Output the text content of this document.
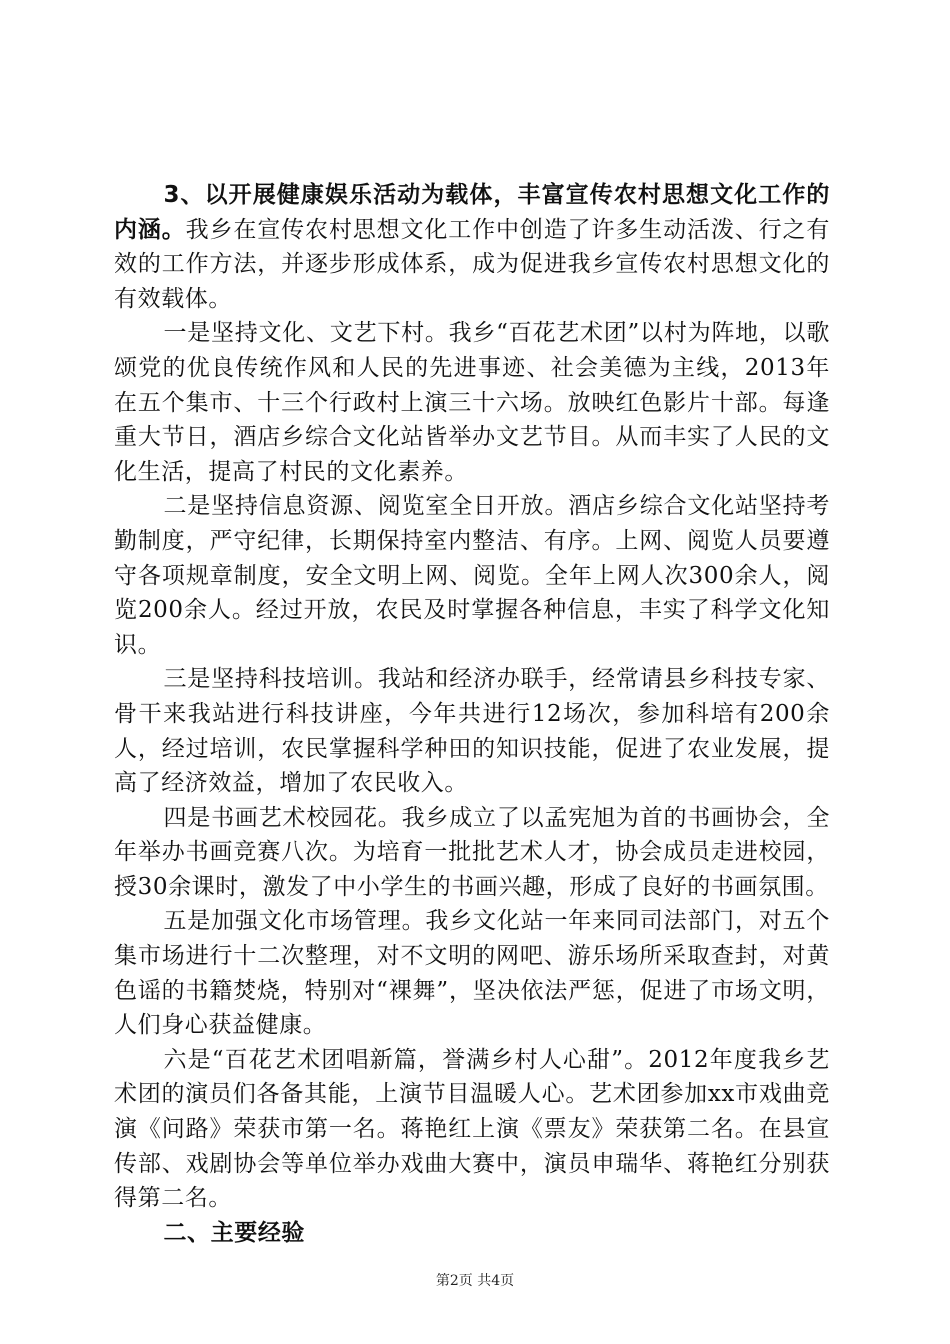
3、以开展健康娱乐活动为载体，丰富宣传农村思想文化工作的内涵。我乡在宣传农村思想文化工作中创造了许多生动活泼、行之有效的工作方法，并逐步形成体系，成为促进我乡宣传农村思想文化的有效载体。

一是坚持文化、文艺下村。我乡“百花艺术团”以村为阵地，以歌颂党的优良传统作风和人民的先进事迹、社会美德为主线，2013年在五个集市、十三个行政村上演三十六场。放映红色影片十部。每逢重大节日，酒店乡综合文化站皆举办文艺节目。从而丰实了人民的文化生活，提高了村民的文化素养。

二是坚持信息资源、阅览室全日开放。酒店乡综合文化站坚持考勤制度，严守纪律，长期保持室内整洁、有序。上网、阅览人员要遵守各项规章制度，安全文明上网、阅览。全年上网人次300余人，阅览200余人。经过开放，农民及时掌握各种信息，丰实了科学文化知识。

三是坚持科技培训。我站和经济办联手，经常请县乡科技专家、骨干来我站进行科技讲座，今年共进行12场次，参加科培有200余人，经过培训，农民掌握科学种田的知识技能，促进了农业发展，提高了经济效益，增加了农民收入。

四是书画艺术校园花。我乡成立了以孟宪旭为首的书画协会，全年举办书画竞赛八次。为培育一批批艺术人才，协会成员走进校园，授30余课时，激发了中小学生的书画兴趣，形成了良好的书画氛围。

五是加强文化市场管理。我乡文化站一年来同司法部门，对五个集市场进行十二次整理，对不文明的网吧、游乐场所采取查封，对黄色谣的书籍焚烧，特别对“裸舞”，坚决依法严惩，促进了市场文明，人们身心获益健康。

六是“百花艺术团唱新篇，誉满乡村人心甜”。2012年度我乡艺术团的演员们各备其能，上演节目温暖人心。艺术团参加xx市戏曲竞演《问路》荣获市第一名。蒋艳红上演《票友》荣获第二名。在县宣传部、戏剧协会等单位举办戏曲大赛中，演员申瑞华、蒋艳红分别获得第二名。

二、主要经验

第2页 共4页
